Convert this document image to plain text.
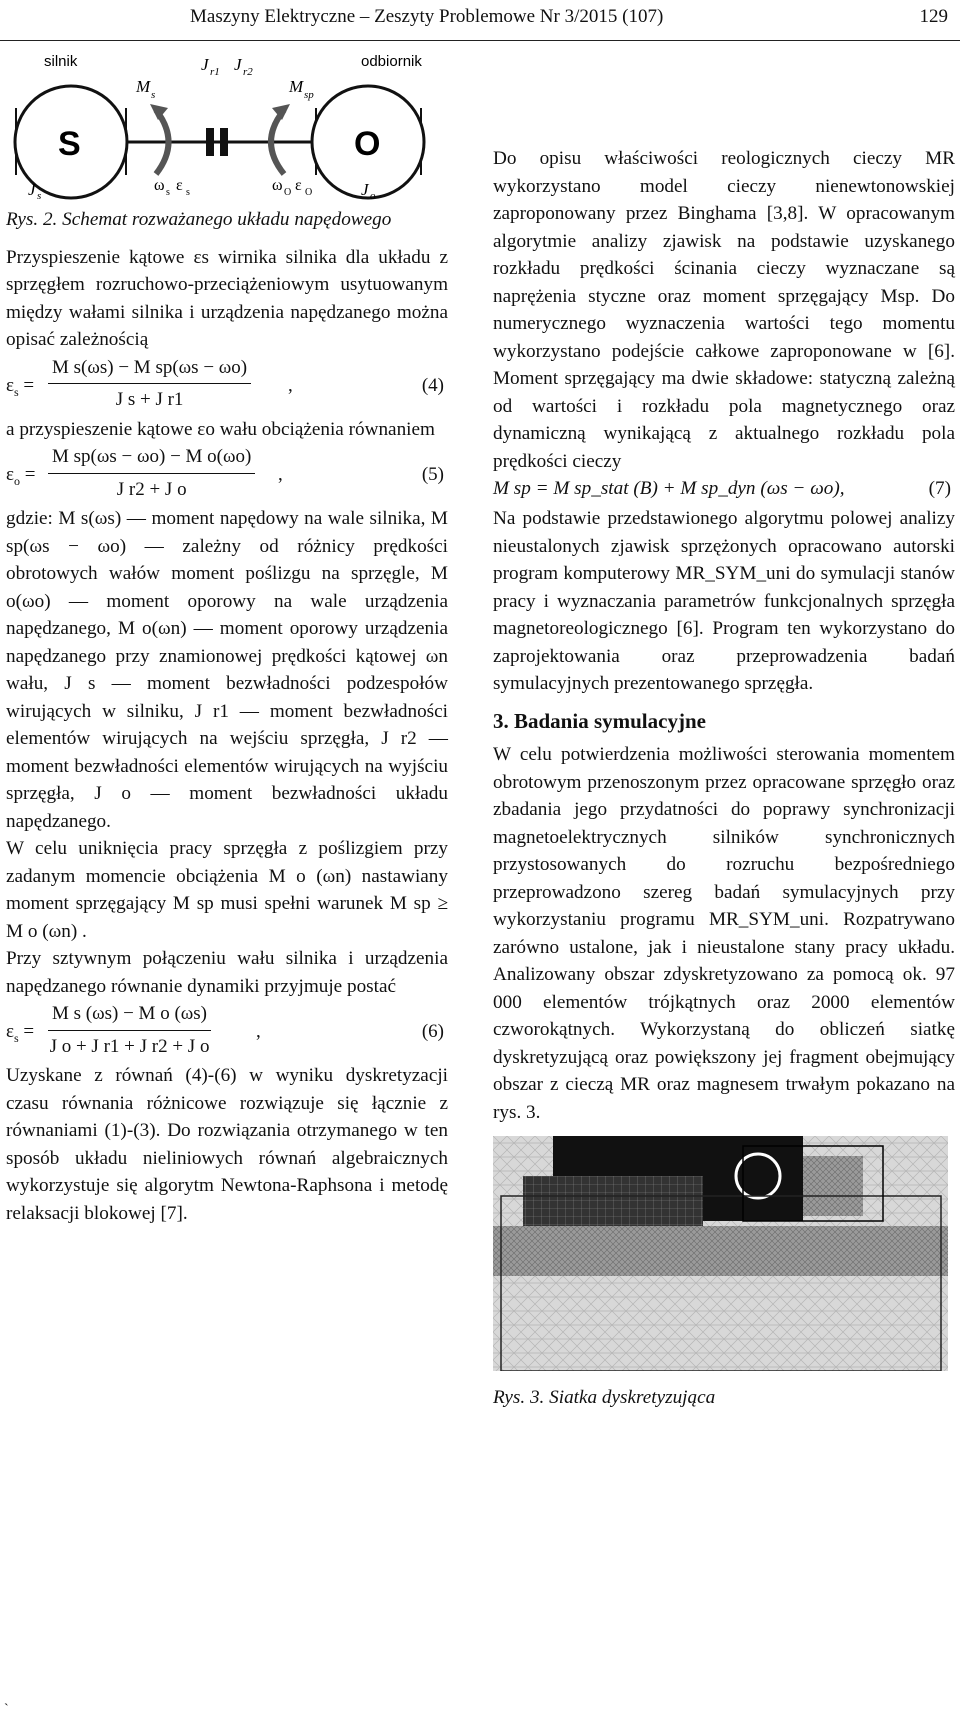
Maszyny Elektryczne – Zeszyty Problemowe Nr 3/2015 (107)	129
silnik	odbiornik
S	O
M s
J r1 J r2
M sp
ω s ε s	ω O ε O
J s	J o

Rys. 2. Schemat rozważanego układu napędowego

Przyspieszenie kątowe εs wirnika silnika dla układu z sprzęgłem rozruchowo-przeciążeniowym usytuowanym między wałami silnika i urządzenia napędzanego można opisać zależnością

$\varepsilon_s$ =
M s(ωs) − M sp(ωs − ωo)
J s + J r1
,	(4)

a przyspieszenie kątowe εo wału obciążenia równaniem

$\varepsilon_o$ =
M sp(ωs − ωo) − M o(ωo)
J r2 + J o
,	(5)

gdzie: M s(ωs) — moment napędowy na wale silnika, M sp(ωs − ωo) — zależny od różnicy prędkości obrotowych wałów moment poślizgu na sprzęgle, M o(ωo) — moment oporowy na wale urządzenia napędzanego, M o(ωn) — moment oporowy urządzenia napędzanego przy znamionowej prędkości kątowej ωn wału, J s — moment bezwładności podzespołów wirujących w silniku, J r1 — moment bezwładności elementów wirujących na wejściu sprzęgła, J r2 — moment bezwładności elementów wirujących na wyjściu sprzęgła, J o — moment bezwładności układu napędzanego.

W celu uniknięcia pracy sprzęgła z poślizgiem przy zadanym momencie obciążenia M o (ωn) nastawiany moment sprzęgający M sp musi spełni warunek M sp ≥ M o (ωn) .

Przy sztywnym połączeniu wału silnika i urządzenia napędzanego równanie dynamiki przyjmuje postać

$\varepsilon_s$ =
M s (ωs) − M o (ωs)
J o + J r1 + J r2 + J o
,	(6)

Uzyskane z równań (4)-(6) w wyniku dyskretyzacji czasu równania różnicowe rozwiązuje się łącznie z równaniami (1)-(3). Do rozwiązania otrzymanego w ten sposób układu nieliniowych równań algebraicznych wykorzystuje się algorytm Newtona-Raphsona i metodę relaksacji blokowej [7].

Do opisu właściwości reologicznych cieczy MR wykorzystano model cieczy nienewtonowskiej zaproponowany przez Binghama [3,8]. W opracowanym algorytmie analizy zjawisk na podstawie uzyskanego rozkładu prędkości ścinania cieczy wyznaczane są naprężenia styczne oraz moment sprzęgający Msp. Do numerycznego wyznaczenia wartości tego momentu wykorzystano podejście całkowe zaproponowane w [6]. Moment sprzęgający ma dwie składowe: statyczną zależną od wartości i rozkładu pola magnetycznego oraz dynamiczną wynikającą z aktualnego rozkładu pola prędkości cieczy

M sp = M sp_stat (B) + M sp_dyn (ωs − ωo),	(7)

Na podstawie przedstawionego algorytmu polowej analizy nieustalonych zjawisk sprzężonych opracowano autorski program komputerowy MR_SYM_uni do symulacji stanów pracy i wyznaczania parametrów funkcjonalnych sprzęgła magnetoreologicznego [6]. Program ten wykorzystano do zaprojektowania oraz przeprowadzenia badań symulacyjnych prezentowanego sprzęgła.

3. Badania symulacyjne

W celu potwierdzenia możliwości sterowania momentem obrotowym przenoszonym przez opracowane sprzęgło oraz zbadania jego przydatności do poprawy synchronizacji magnetoelektrycznych silników synchronicznych przystosowanych do rozruchu bezpośredniego przeprowadzono szereg badań symulacyjnych przy wykorzystaniu programu MR_SYM_uni. Rozpatrywano zarówno ustalone, jak i nieustalone stany pracy układu. Analizowany obszar zdyskretyzowano za pomocą ok. 97 000 elementów trójkątnych oraz 2000 elementów czworokątnych. Wykorzystaną do obliczeń siatkę dyskretyzującą oraz powiększony jej fragment obejmujący obszar z cieczą MR oraz magnesem trwałym pokazano na rys. 3.

Rys. 3. Siatka dyskretyzująca

`
